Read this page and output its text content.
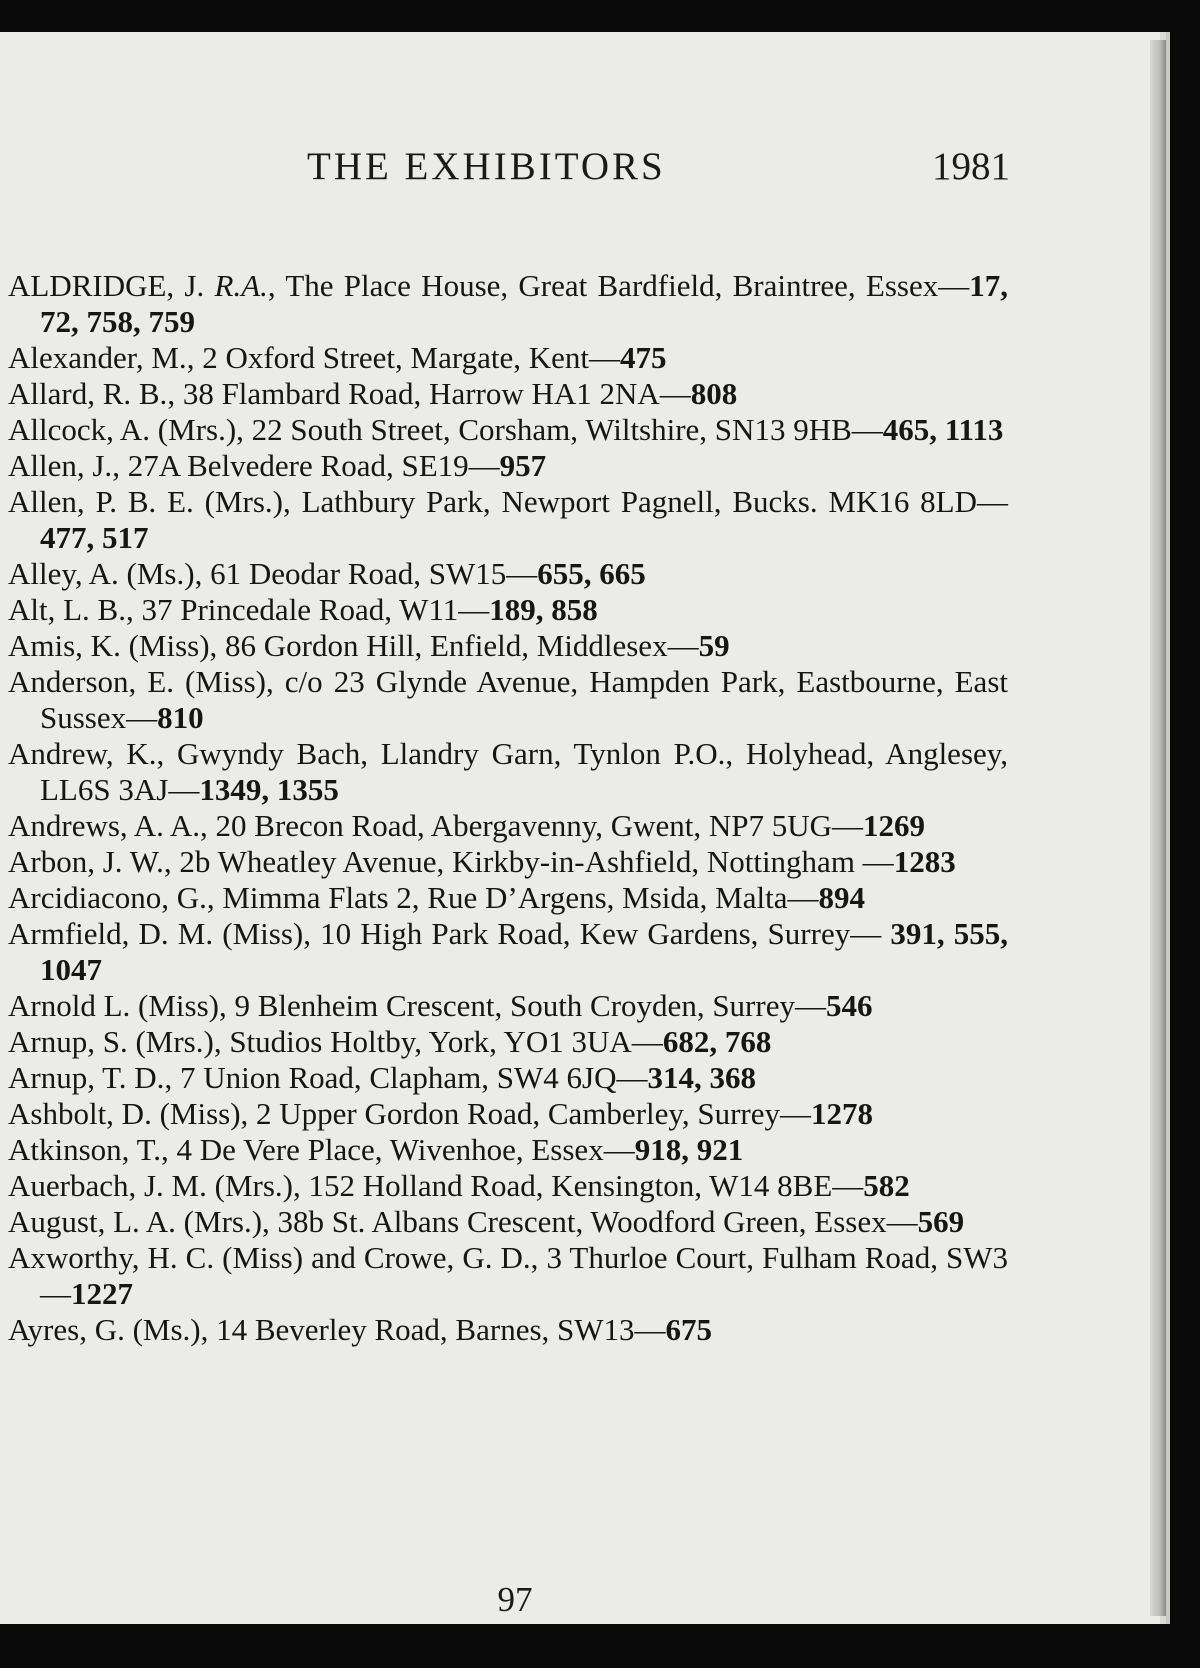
THE EXHIBITORS	1981
ALDRIDGE, J. R.A., The Place House, Great Bardfield, Braintree, Essex—17, 72, 758, 759
Alexander, M., 2 Oxford Street, Margate, Kent—475
Allard, R. B., 38 Flambard Road, Harrow HA1 2NA—808
Allcock, A. (Mrs.), 22 South Street, Corsham, Wiltshire, SN13 9HB—465, 1113
Allen, J., 27A Belvedere Road, SE19—957
Allen, P. B. E. (Mrs.), Lathbury Park, Newport Pagnell, Bucks. MK16 8LD—477, 517
Alley, A. (Ms.), 61 Deodar Road, SW15—655, 665
Alt, L. B., 37 Princedale Road, W11—189, 858
Amis, K. (Miss), 86 Gordon Hill, Enfield, Middlesex—59
Anderson, E. (Miss), c/o 23 Glynde Avenue, Hampden Park, Eastbourne, East Sussex—810
Andrew, K., Gwyndy Bach, Llandry Garn, Tynlon P.O., Holyhead, Anglesey, LL6S 3AJ—1349, 1355
Andrews, A. A., 20 Brecon Road, Abergavenny, Gwent, NP7 5UG—1269
Arbon, J. W., 2b Wheatley Avenue, Kirkby-in-Ashfield, Nottingham —1283
Arcidiacono, G., Mimma Flats 2, Rue D’Argens, Msida, Malta—894
Armfield, D. M. (Miss), 10 High Park Road, Kew Gardens, Surrey— 391, 555, 1047
Arnold L. (Miss), 9 Blenheim Crescent, South Croyden, Surrey—546
Arnup, S. (Mrs.), Studios Holtby, York, YO1 3UA—682, 768
Arnup, T. D., 7 Union Road, Clapham, SW4 6JQ—314, 368
Ashbolt, D. (Miss), 2 Upper Gordon Road, Camberley, Surrey—1278
Atkinson, T., 4 De Vere Place, Wivenhoe, Essex—918, 921
Auerbach, J. M. (Mrs.), 152 Holland Road, Kensington, W14 8BE—582
August, L. A. (Mrs.), 38b St. Albans Crescent, Woodford Green, Essex—569
Axworthy, H. C. (Miss) and Crowe, G. D., 3 Thurloe Court, Fulham Road, SW3—1227
Ayres, G. (Ms.), 14 Beverley Road, Barnes, SW13—675
97
